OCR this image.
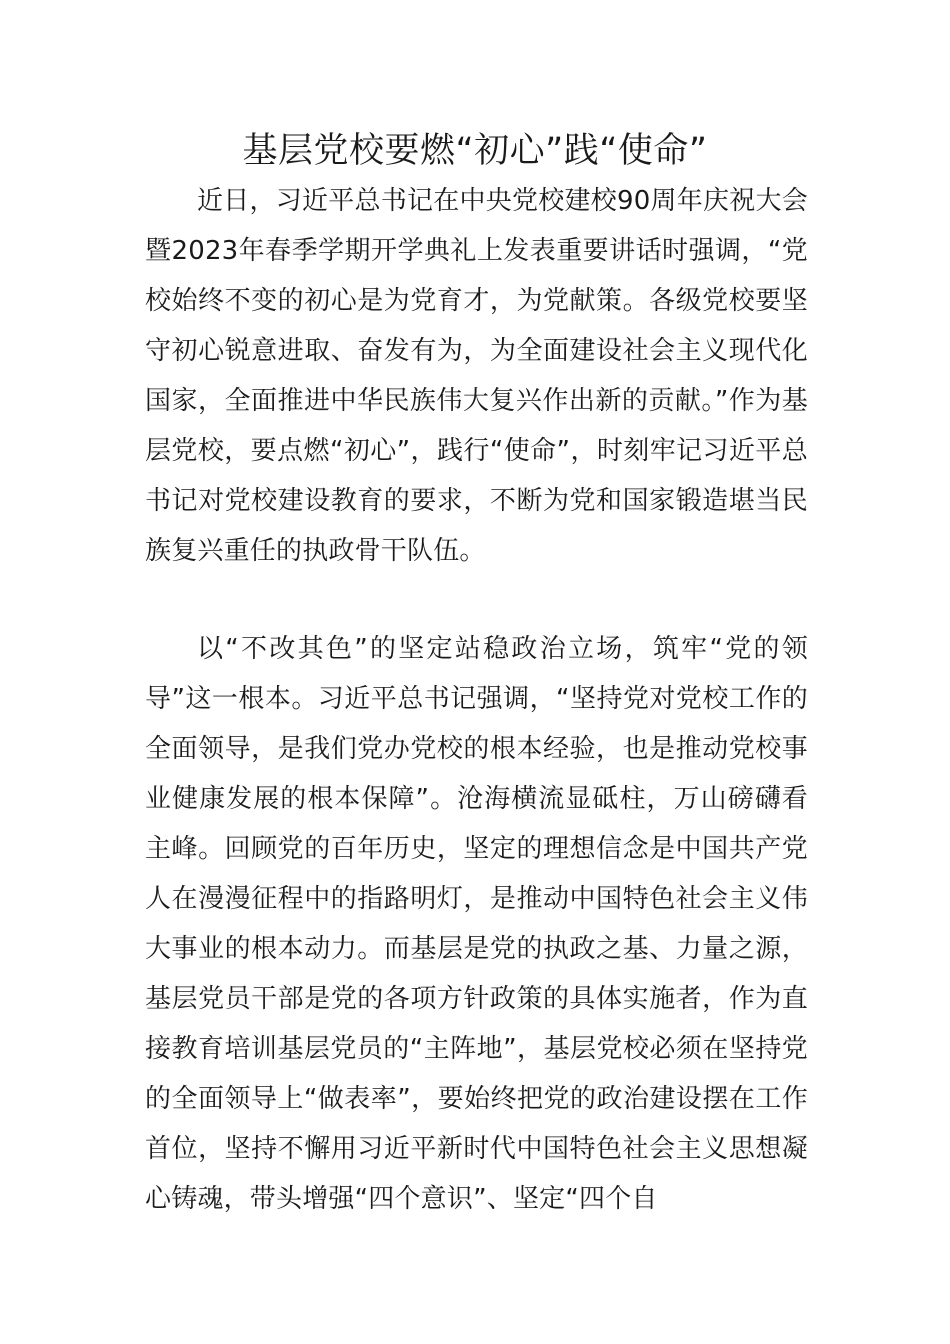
基层党校要燃“初心”践“使命”

近日，习近平总书记在中央党校建校90周年庆祝大会暨2023年春季学期开学典礼上发表重要讲话时强调，“党校始终不变的初心是为党育才，为党献策。各级党校要坚守初心锐意进取、奋发有为，为全面建设社会主义现代化国家，全面推进中华民族伟大复兴作出新的贡献。”作为基层党校，要点燃“初心”，践行“使命”，时刻牢记习近平总书记对党校建设教育的要求，不断为党和国家锻造堪当民族复兴重任的执政骨干队伍。

以“不改其色”的坚定站稳政治立场，筑牢“党的领导”这一根本。习近平总书记强调，“坚持党对党校工作的全面领导，是我们党办党校的根本经验，也是推动党校事业健康发展的根本保障”。沧海横流显砥柱，万山磅礴看主峰。回顾党的百年历史，坚定的理想信念是中国共产党人在漫漫征程中的指路明灯，是推动中国特色社会主义伟大事业的根本动力。而基层是党的执政之基、力量之源，基层党员干部是党的各项方针政策的具体实施者，作为直接教育培训基层党员的“主阵地”，基层党校必须在坚持党的全面领导上“做表率”，要始终把党的政治建设摆在工作首位，坚持不懈用习近平新时代中国特色社会主义思想凝心铸魂，带头增强“四个意识”、坚定“四个自
